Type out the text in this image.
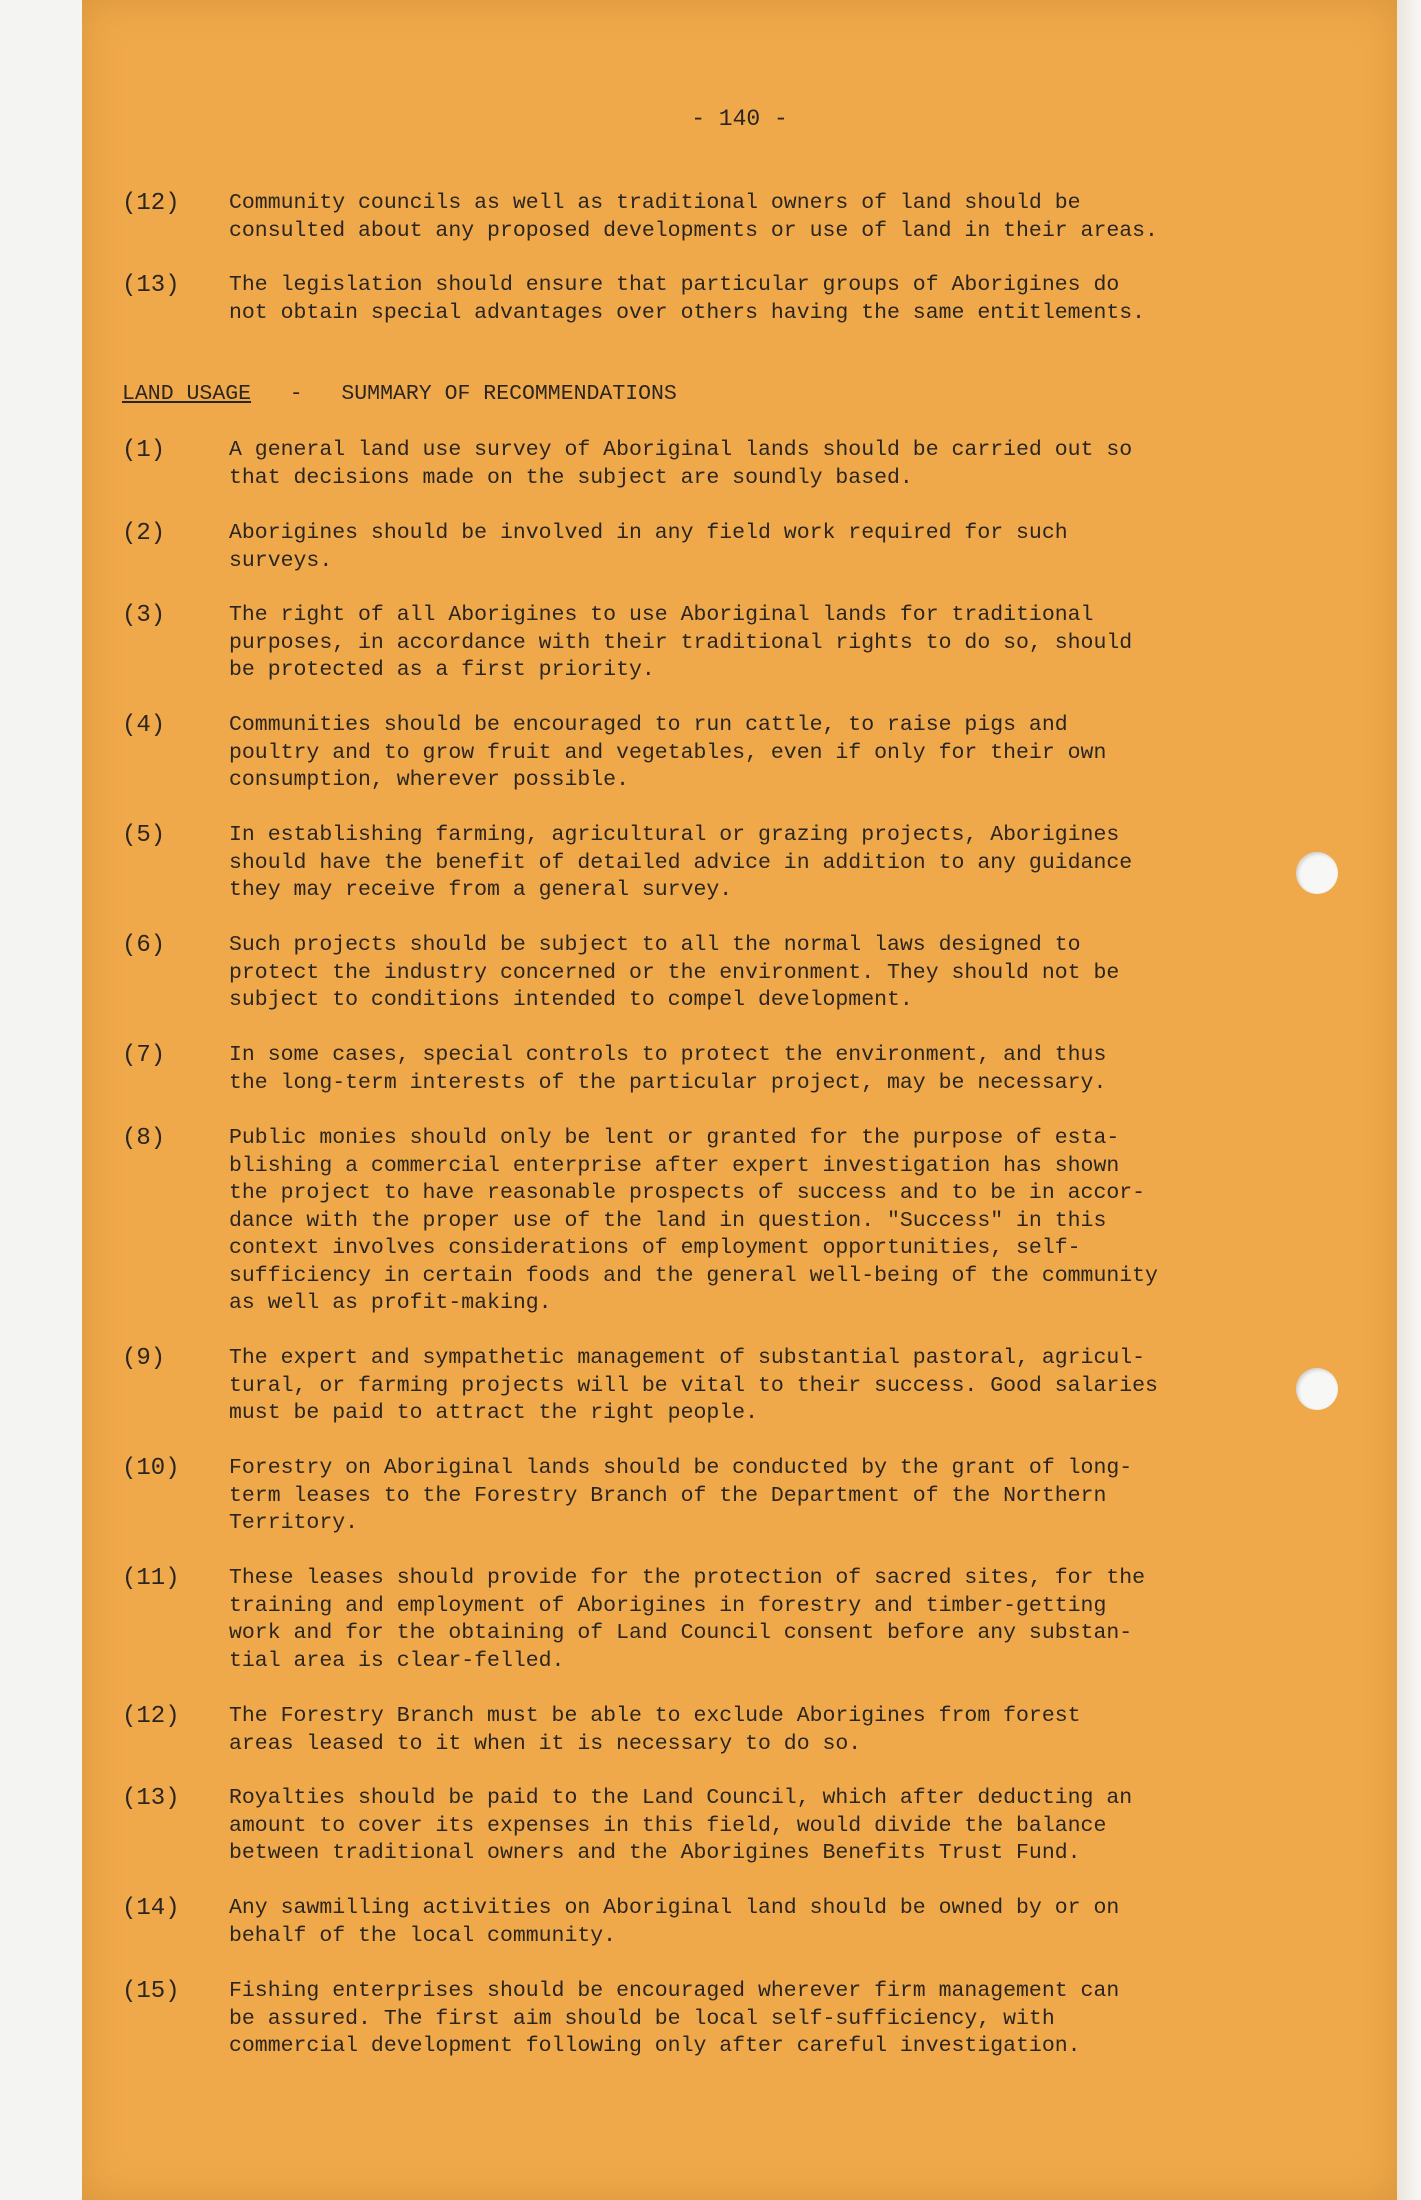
- 140 -
(12) Community councils as well as traditional owners of land should be
consulted about any proposed developments or use of land in their areas.
(13) The legislation should ensure that particular groups of Aborigines do
not obtain special advantages over others having the same entitlements.
LAND USAGE - SUMMARY OF RECOMMENDATIONS
(1)	A general land use survey of Aboriginal lands should be carried out so
that decisions made on the subject are soundly based.
(2)	Aborigines should be involved in any field work required for such
surveys.
(3)	The right of all Aborigines to use Aboriginal lands for traditional
purposes, in accordance with their traditional rights to do so, should
be protected as a first priority.
(4)	Communities should be encouraged to run cattle, to raise pigs and
poultry and to grow fruit and vegetables, even if only for their own
consumption, wherever possible.
(5)	In establishing farming, agricultural or grazing projects, Aborigines
should have the benefit of detailed advice in addition to any guidance
they may receive from a general survey.
(6)	Such projects should be subject to all the normal laws designed to
protect the industry concerned or the environment. They should not be
subject to conditions intended to compel development.
(7)	In some cases, special controls to protect the environment, and thus
the long-term interests of the particular project, may be necessary.
(8)	Public monies should only be lent or granted for the purpose of esta-
blishing a commercial enterprise after expert investigation has shown
the project to have reasonable prospects of success and to be in accor-
dance with the proper use of the land in question. "Success" in this
context involves considerations of employment opportunities, self-
sufficiency in certain foods and the general well-being of the community
as well as profit-making.
(9)	The expert and sympathetic management of substantial pastoral, agricul-
tural, or farming projects will be vital to their success. Good salaries
must be paid to attract the right people.
(10) Forestry on Aboriginal lands should be conducted by the grant of long-
term leases to the Forestry Branch of the Department of the Northern
Territory.
(11) These leases should provide for the protection of sacred sites, for the
training and employment of Aborigines in forestry and timber-getting
work and for the obtaining of Land Council consent before any substan-
tial area is clear-felled.
(12) The Forestry Branch must be able to exclude Aborigines from forest
areas leased to it when it is necessary to do so.
(13) Royalties should be paid to the Land Council, which after deducting an
amount to cover its expenses in this field, would divide the balance
between traditional owners and the Aborigines Benefits Trust Fund.
(14) Any sawmilling activities on Aboriginal land should be owned by or on
behalf of the local community.
(15) Fishing enterprises should be encouraged wherever firm management can
be assured. The first aim should be local self-sufficiency, with
commercial development following only after careful investigation.
